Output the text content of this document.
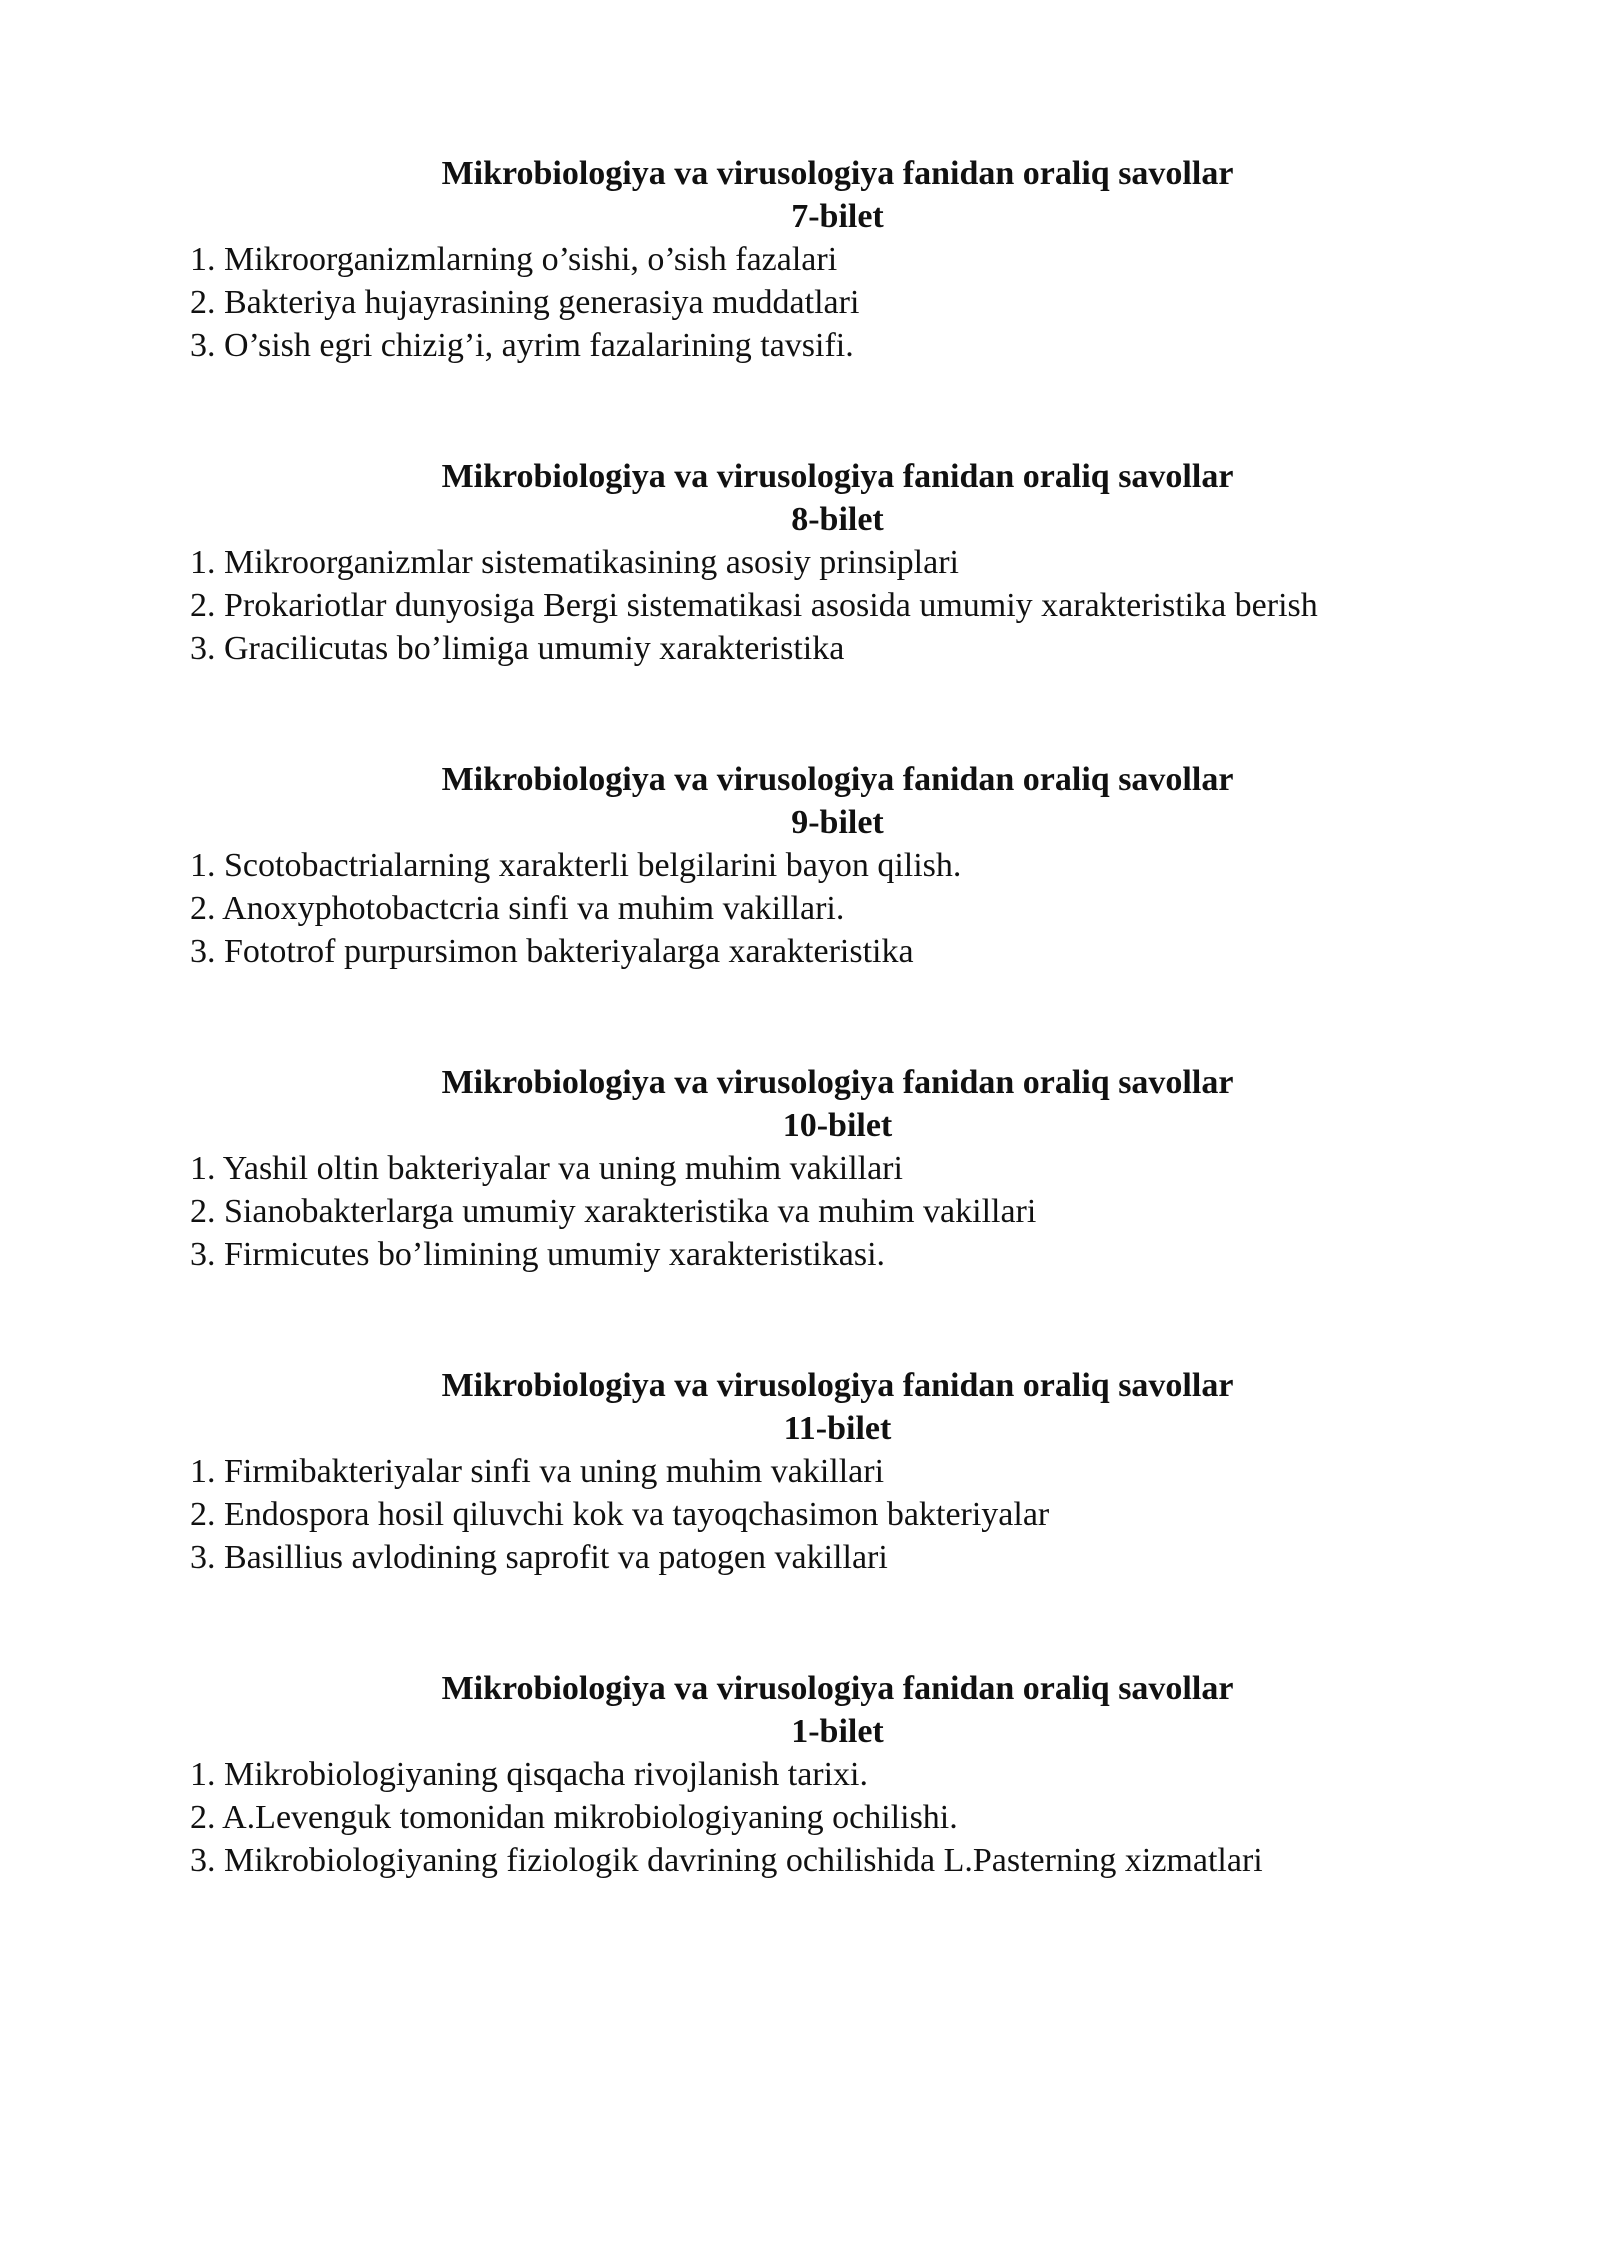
Mikrobiologiya va virusologiya fanidan oraliq savollar
7-bilet
1. Mikroorganizmlarning o’sishi, o’sish fazalari
2. Bakteriya hujayrasining generasiya muddatlari
3. O’sish egri chizig’i, ayrim fazalarining tavsifi.
Mikrobiologiya va virusologiya fanidan oraliq savollar
8-bilet
1. Mikroorganizmlar sistematikasining asosiy prinsiplari
2. Prokariotlar dunyosiga Bergi sistematikasi asosida umumiy xarakteristika berish
3. Gracilicutas bo’limiga umumiy xarakteristika
Mikrobiologiya va virusologiya fanidan oraliq savollar
9-bilet
1. Scotobactrialarning xarakterli belgilarini bayon qilish.
2. Anoxyphotobactcria sinfi va muhim vakillari.
3. Fototrof purpursimon bakteriyalarga xarakteristika
Mikrobiologiya va virusologiya fanidan oraliq savollar
10-bilet
1. Yashil oltin bakteriyalar va uning muhim vakillari
2. Sianobakterlarga umumiy xarakteristika va muhim vakillari
3. Firmicutes bo’limining umumiy xarakteristikasi.
Mikrobiologiya va virusologiya fanidan oraliq savollar
11-bilet
1. Firmibakteriyalar sinfi va uning muhim vakillari
2. Endospora hosil qiluvchi kok va tayoqchasimon bakteriyalar
3. Basillius avlodining saprofit va patogen vakillari
Mikrobiologiya va virusologiya fanidan oraliq savollar
1-bilet
1. Mikrobiologiyaning qisqacha rivojlanish tarixi.
2. A.Levenguk tomonidan mikrobiologiyaning ochilishi.
3. Mikrobiologiyaning fiziologik davrining ochilishida L.Pasterning xizmatlari
